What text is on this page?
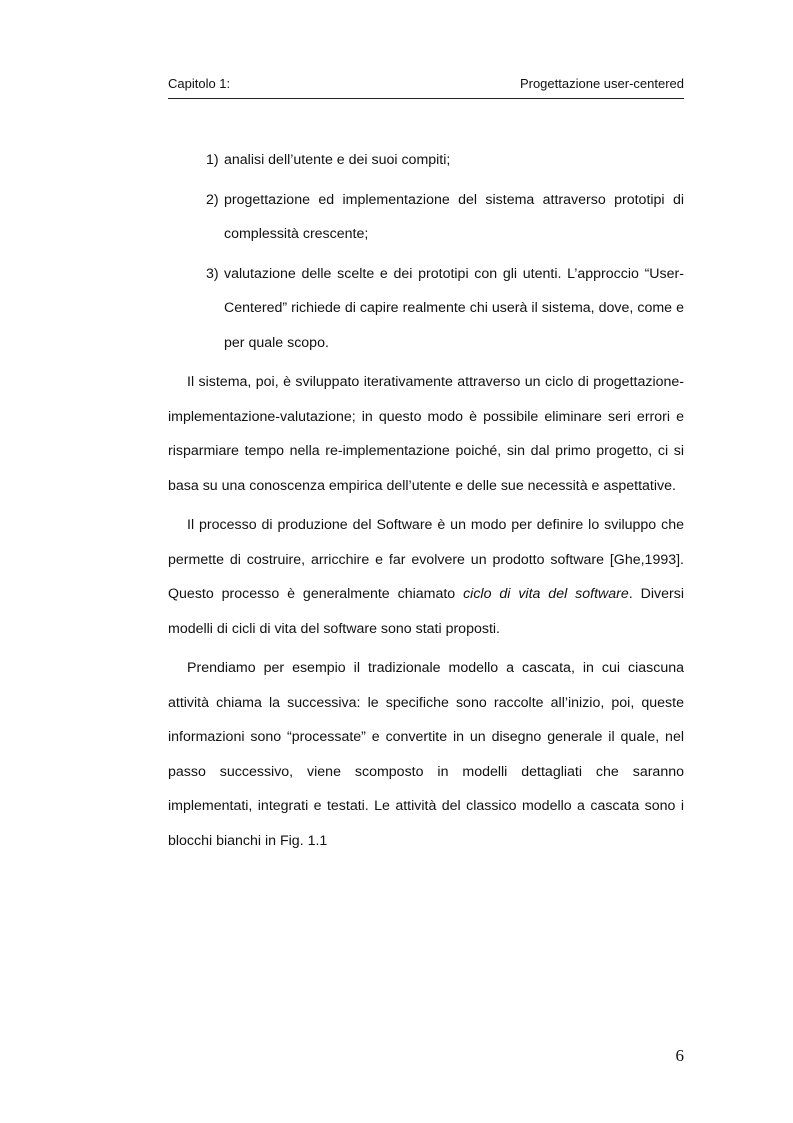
Capitolo 1:	Progettazione user-centered
1) analisi dell’utente e dei suoi compiti;
2) progettazione ed implementazione del sistema attraverso prototipi di complessità crescente;
3) valutazione delle scelte e dei prototipi con gli utenti. L’approccio “User-Centered” richiede di capire realmente chi userà il sistema, dove, come e per quale scopo.

Il sistema, poi, è sviluppato iterativamente attraverso un ciclo di progettazione-implementazione-valutazione; in questo modo è possibile eliminare seri errori e risparmiare tempo nella re-implementazione poiché, sin dal primo progetto, ci si basa su una conoscenza empirica dell’utente e delle sue necessità e aspettative.

Il processo di produzione del Software è un modo per definire lo sviluppo che permette di costruire, arricchire e far evolvere un prodotto software [Ghe,1993]. Questo processo è generalmente chiamato ciclo di vita del software. Diversi modelli di cicli di vita del software sono stati proposti.

Prendiamo per esempio il tradizionale modello a cascata, in cui ciascuna attività chiama la successiva: le specifiche sono raccolte all’inizio, poi, queste informazioni sono “processate” e convertite in un disegno generale il quale, nel passo successivo, viene scomposto in modelli dettagliati che saranno implementati, integrati e testati. Le attività del classico modello a cascata sono i blocchi bianchi in Fig. 1.1

6
